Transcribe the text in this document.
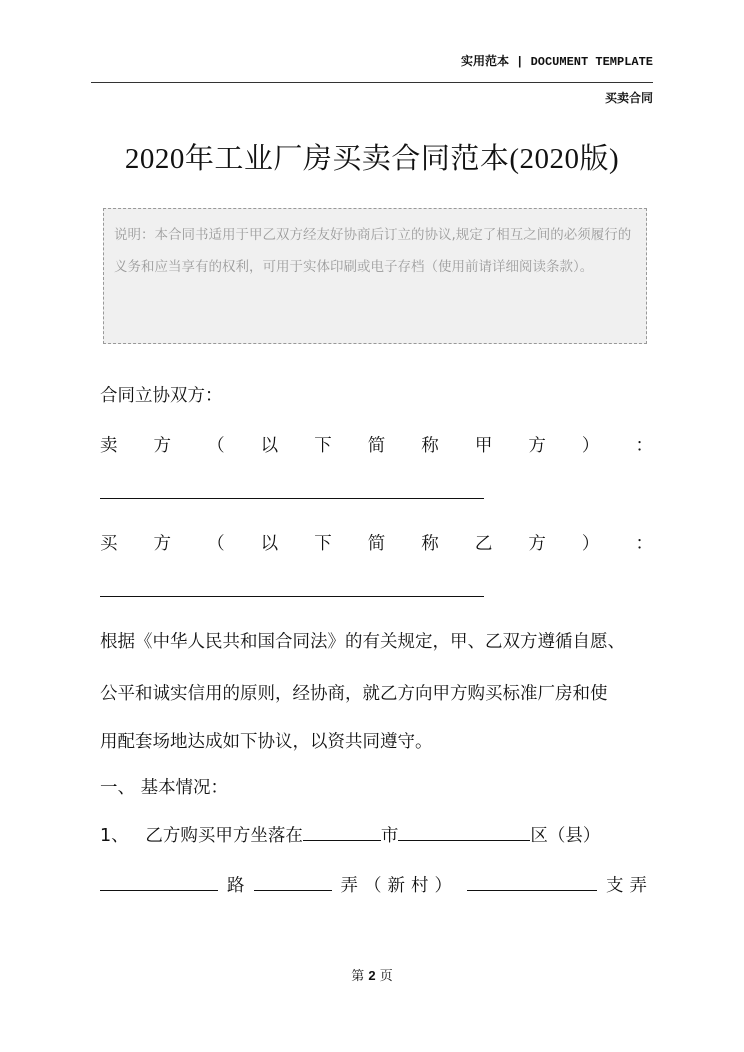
实用范本 | DOCUMENT TEMPLATE
买卖合同
2020年工业厂房买卖合同范本(2020版)
说明：本合同书适用于甲乙双方经友好协商后订立的协议,规定了相互之间的必须履行的义务和应当享有的权利，可用于实体印刷或电子存档（使用前请详细阅读条款）。
合同立协双方：
卖 方 （ 以 下 简 称 甲 方 ） ：
买 方 （ 以 下 简 称 乙 方 ） ：
根据《中华人民共和国合同法》的有关规定，甲、乙双方遵循自愿、
公平和诚实信用的原则，经协商，就乙方向甲方购买标准厂房和使
用配套场地达成如下协议，以资共同遵守。
一、 基本情况：
1、 乙方购买甲方坐落在	市	区（县）
路	弄（新村）	支弄
第 2 页
